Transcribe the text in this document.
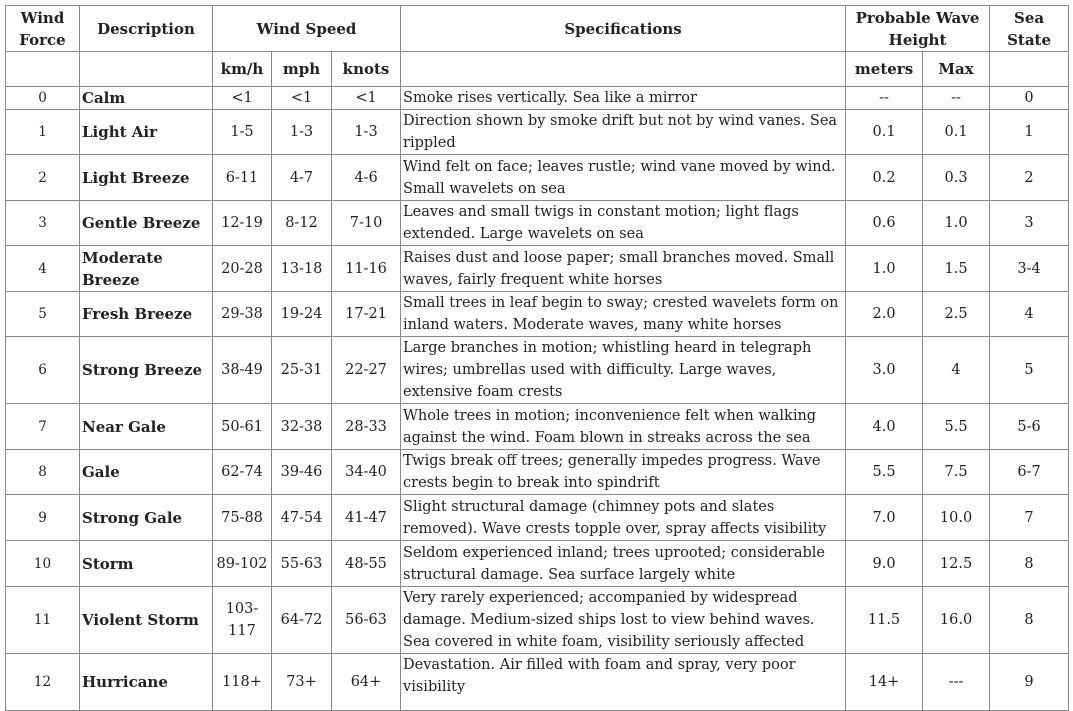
Wind Force	Description	Wind Speed			Specifications	Probable Wave Height		Sea State
		km/h	mph	knots		meters	Max	
0	Calm	<1	<1	<1	Smoke rises vertically. Sea like a mirror	--	--	0
1	Light Air	1-5	1-3	1-3	Direction shown by smoke drift but not by wind vanes. Sea rippled	0.1	0.1	1
2	Light Breeze	6-11	4-7	4-6	Wind felt on face; leaves rustle; wind vane moved by wind. Small wavelets on sea	0.2	0.3	2
3	Gentle Breeze	12-19	8-12	7-10	Leaves and small twigs in constant motion; light flags extended. Large wavelets on sea	0.6	1.0	3
4	Moderate Breeze	20-28	13-18	11-16	Raises dust and loose paper; small branches moved. Small waves, fairly frequent white horses	1.0	1.5	3-4
5	Fresh Breeze	29-38	19-24	17-21	Small trees in leaf begin to sway; crested wavelets form on inland waters. Moderate waves, many white horses	2.0	2.5	4
6	Strong Breeze	38-49	25-31	22-27	Large branches in motion; whistling heard in telegraph wires; umbrellas used with difficulty. Large waves, extensive foam crests	3.0	4	5
7	Near Gale	50-61	32-38	28-33	Whole trees in motion; inconvenience felt when walking against the wind. Foam blown in streaks across the sea	4.0	5.5	5-6
8	Gale	62-74	39-46	34-40	Twigs break off trees; generally impedes progress. Wave crests begin to break into spindrift	5.5	7.5	6-7
9	Strong Gale	75-88	47-54	41-47	Slight structural damage (chimney pots and slates removed). Wave crests topple over, spray affects visibility	7.0	10.0	7
10	Storm	89-102	55-63	48-55	Seldom experienced inland; trees uprooted; considerable structural damage. Sea surface largely white	9.0	12.5	8
11	Violent Storm	103-117	64-72	56-63	Very rarely experienced; accompanied by widespread damage. Medium-sized ships lost to view behind waves. Sea covered in white foam, visibility seriously affected	11.5	16.0	8
12	Hurricane	118+	73+	64+	Devastation. Air filled with foam and spray, very poor visibility	14+	---	9
